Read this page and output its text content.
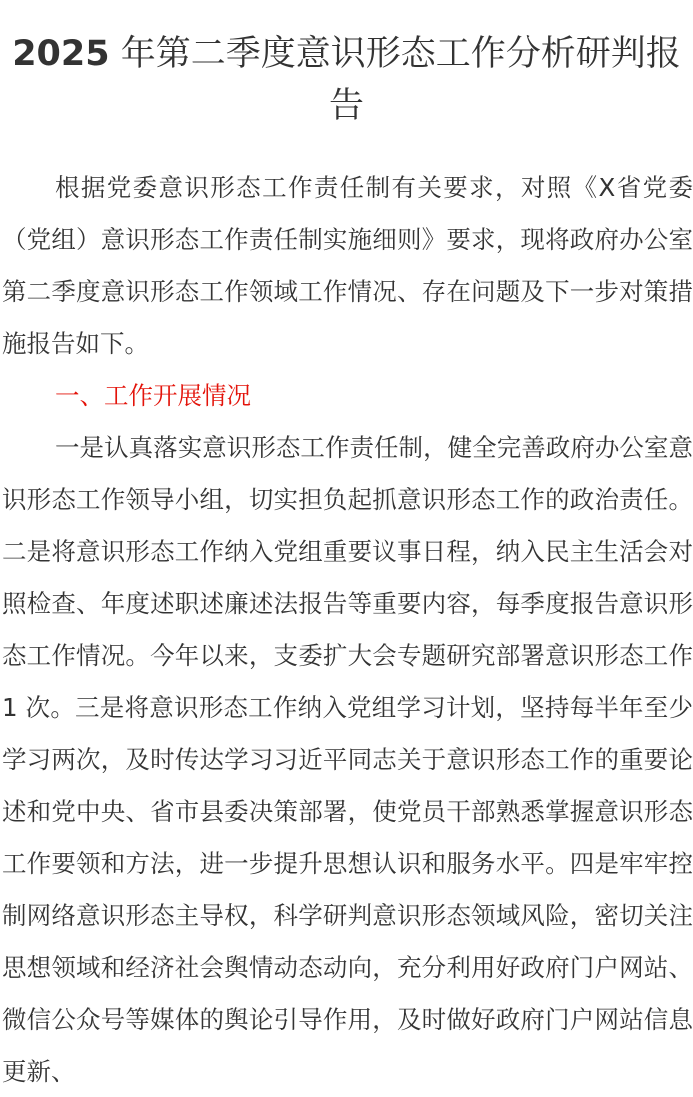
2025 年第二季度意识形态工作分析研判报告

根据党委意识形态工作责任制有关要求，对照《X省党委（党组）意识形态工作责任制实施细则》要求，现将政府办公室第二季度意识形态工作领域工作情况、存在问题及下一步对策措施报告如下。

一、工作开展情况

一是认真落实意识形态工作责任制，健全完善政府办公室意识形态工作领导小组，切实担负起抓意识形态工作的政治责任。二是将意识形态工作纳入党组重要议事日程，纳入民主生活会对照检查、年度述职述廉述法报告等重要内容，每季度报告意识形态工作情况。今年以来，支委扩大会专题研究部署意识形态工作 1 次。三是将意识形态工作纳入党组学习计划，坚持每半年至少学习两次，及时传达学习习近平同志关于意识形态工作的重要论述和党中央、省市县委决策部署，使党员干部熟悉掌握意识形态工作要领和方法，进一步提升思想认识和服务水平。四是牢牢控制网络意识形态主导权，科学研判意识形态领域风险，密切关注思想领域和经济社会舆情动态动向，充分利用好政府门户网站、微信公众号等媒体的舆论引导作用，及时做好政府门户网站信息更新、
